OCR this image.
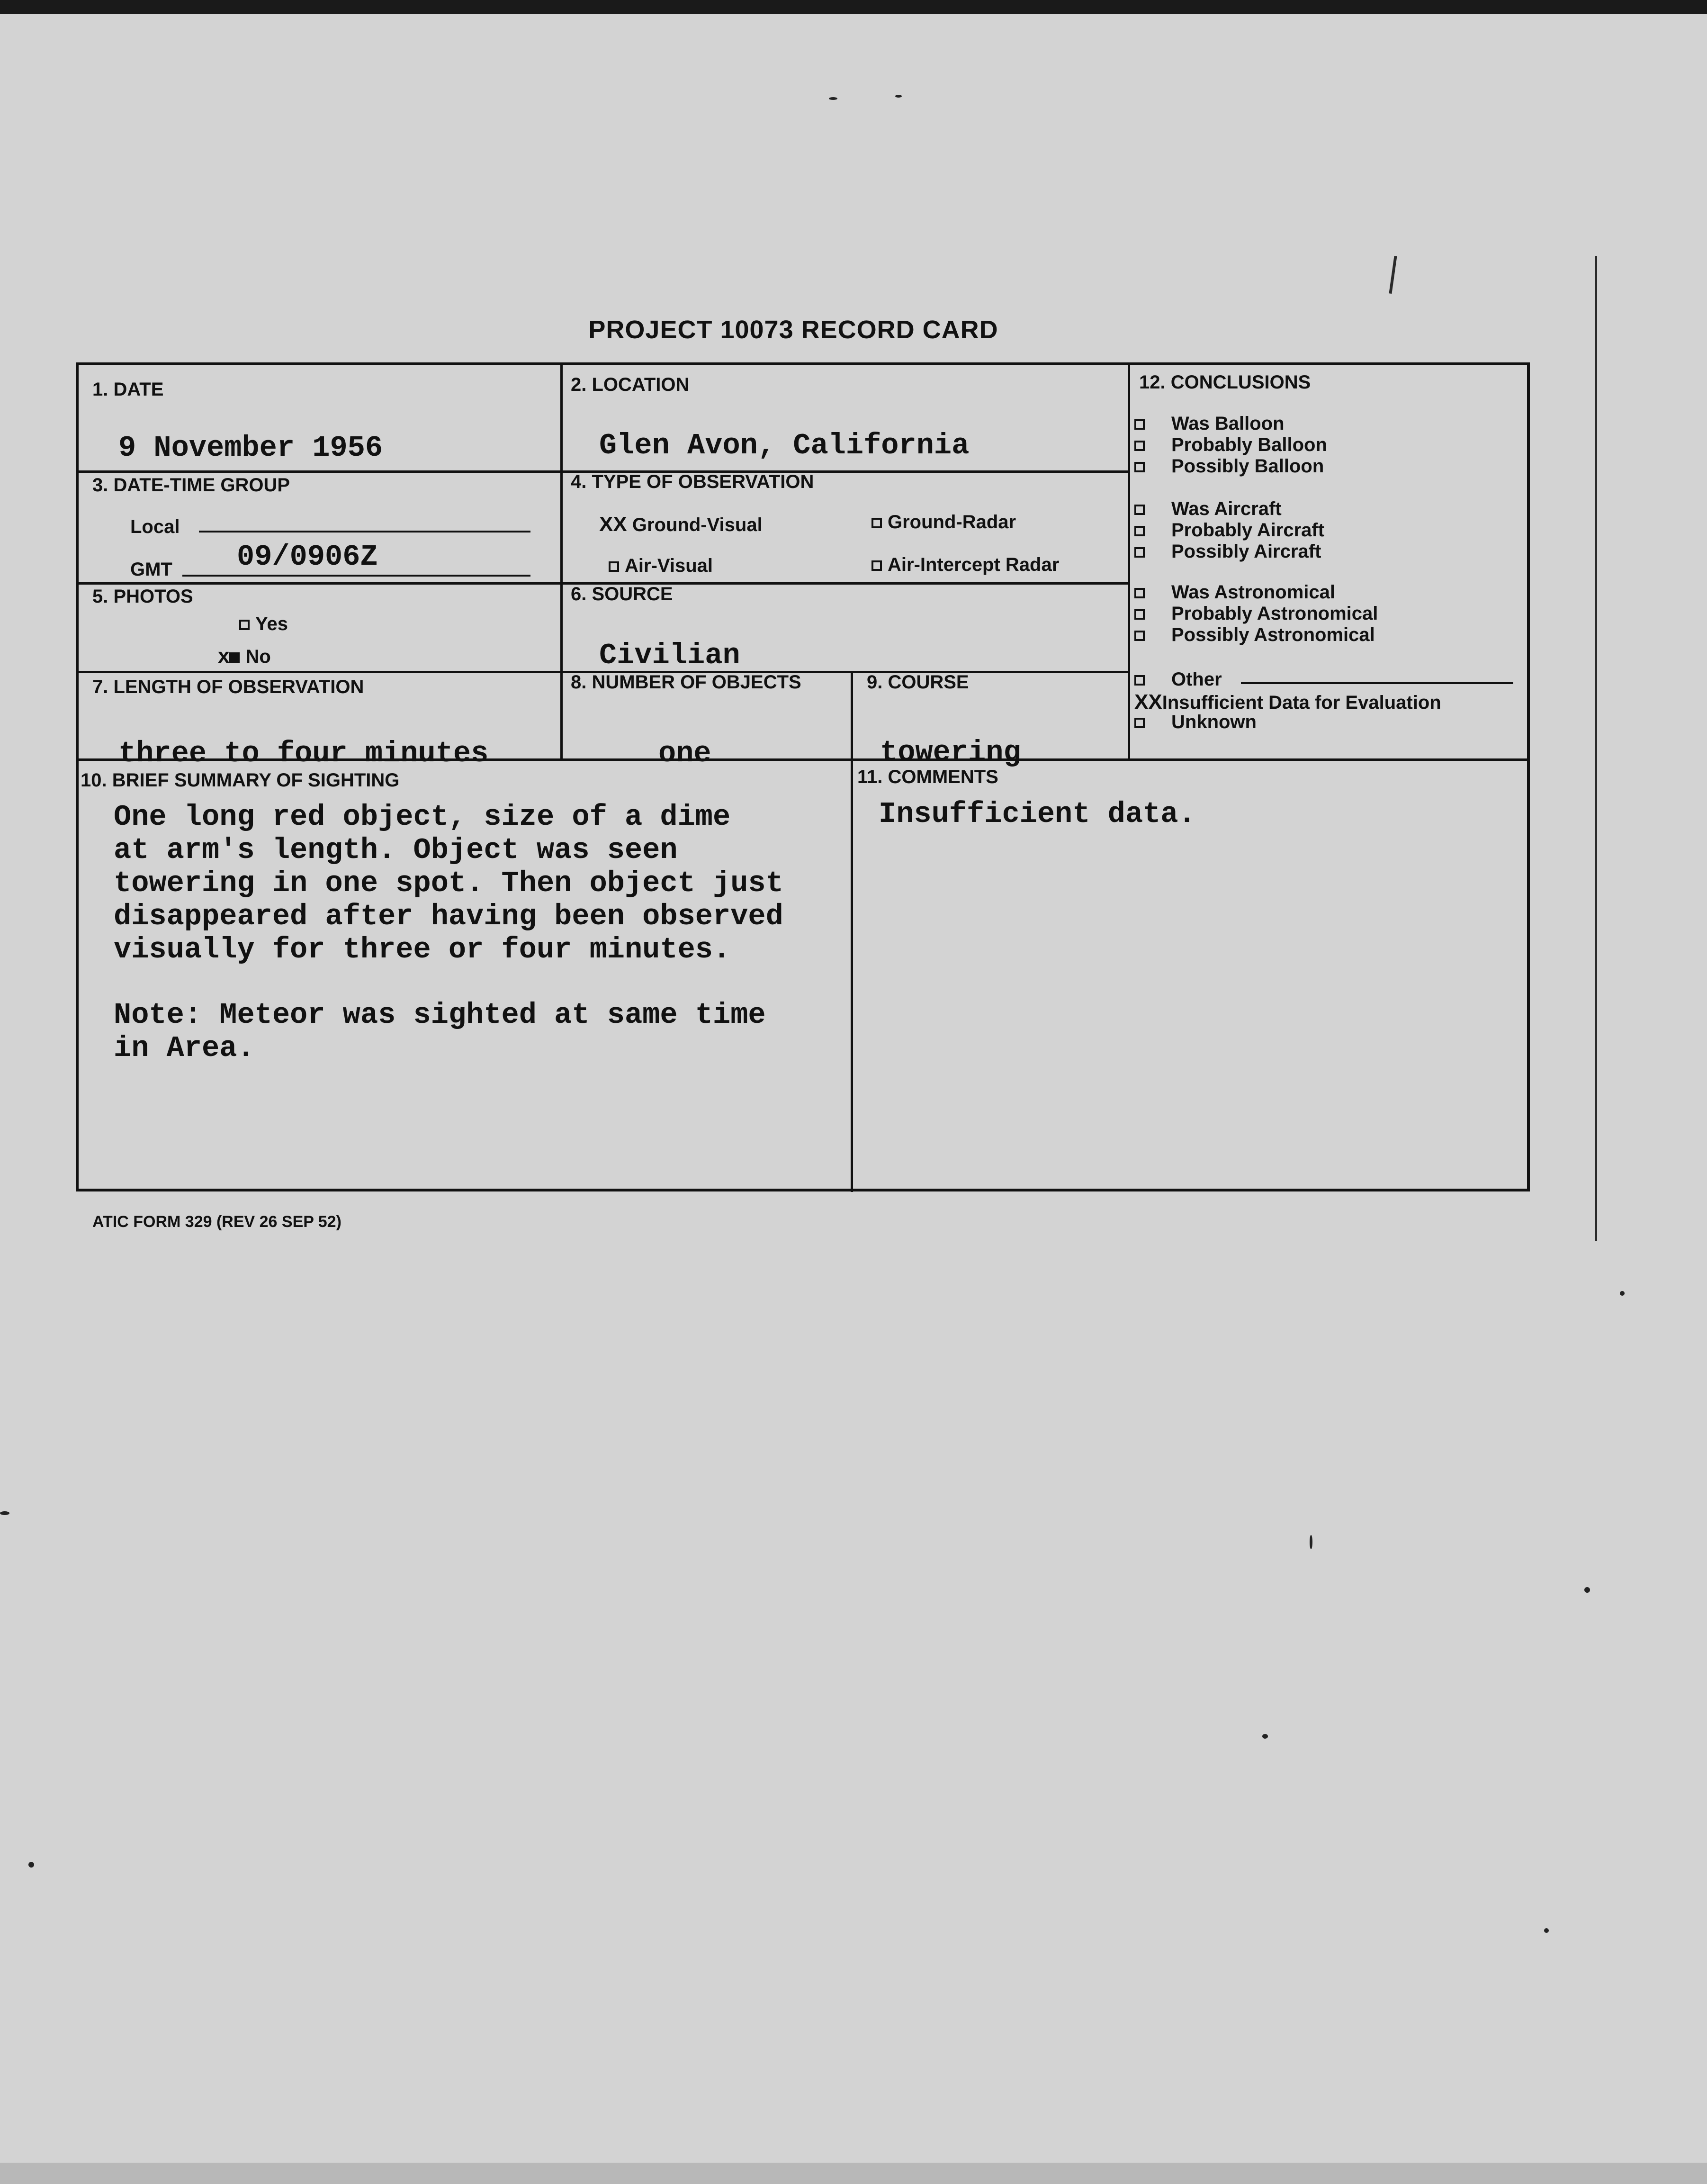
PROJECT 10073 RECORD CARD
1. DATE
9 November 1956
2. LOCATION
Glen Avon, California
3. DATE-TIME GROUP
Local
GMT 09/0906Z
4. TYPE OF OBSERVATION
XX Ground-Visual	Ground-Radar
Air-Visual	Air-Intercept Radar
5. PHOTOS
Yes
x No
6. SOURCE
Civilian
7. LENGTH OF OBSERVATION
three to four minutes
8. NUMBER OF OBJECTS
one
9. COURSE
towering
10. BRIEF SUMMARY OF SIGHTING

One long red object, size of a dime

at arm's length. Object was seen

towering in one spot. Then object just

disappeared after having been observed

visually for three or four minutes.

Note: Meteor was sighted at same time

in Area.

11. COMMENTS
Insufficient data.
12. CONCLUSIONS
Was Balloon
Probably Balloon
Possibly Balloon
Was Aircraft
Probably Aircraft
Possibly Aircraft
Was Astronomical
Probably Astronomical
Possibly Astronomical
Other
XXInsufficient Data for Evaluation
Unknown
ATIC FORM 329 (REV 26 SEP 52)
